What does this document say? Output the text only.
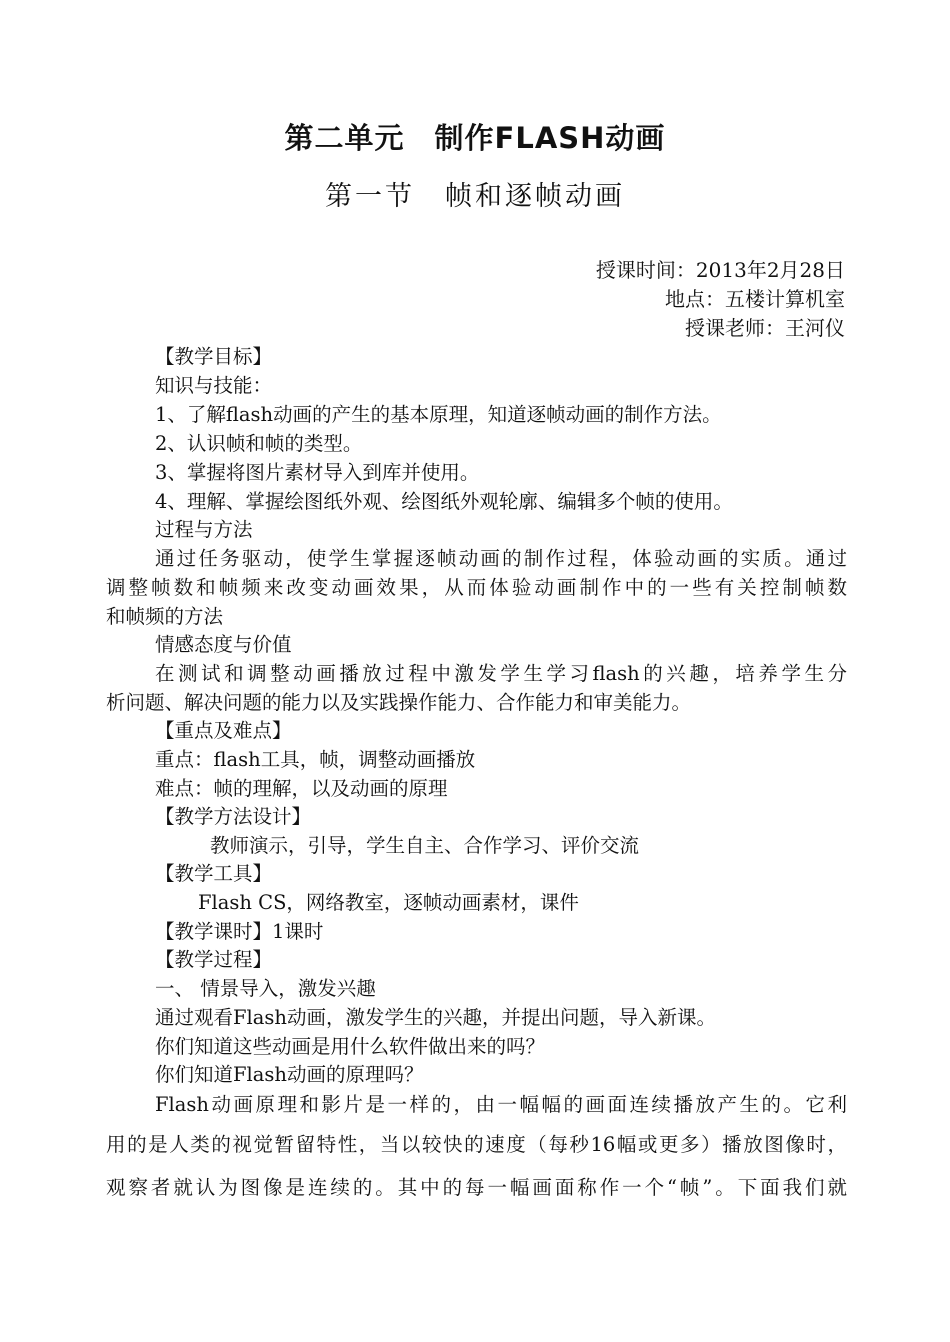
第二单元　制作FLASH动画
第一节　帧和逐帧动画
授课时间：2013年2月28日
地点：五楼计算机室
授课老师：王河仪
【教学目标】
知识与技能：
1、了解flash动画的产生的基本原理，知道逐帧动画的制作方法。
2、认识帧和帧的类型。
3、掌握将图片素材导入到库并使用。
4、理解、掌握绘图纸外观、绘图纸外观轮廓、编辑多个帧的使用。
过程与方法
通过任务驱动，使学生掌握逐帧动画的制作过程，体验动画的实质。通过
调整帧数和帧频来改变动画效果，从而体验动画制作中的一些有关控制帧数
和帧频的方法
情感态度与价值
在测试和调整动画播放过程中激发学生学习flash的兴趣，培养学生分
析问题、解决问题的能力以及实践操作能力、合作能力和审美能力。
【重点及难点】
重点：flash工具，帧，调整动画播放
难点：帧的理解，以及动画的原理
【教学方法设计】
教师演示，引导，学生自主、合作学习、评价交流
【教学工具】
Flash CS，网络教室，逐帧动画素材，课件
【教学课时】1课时
【教学过程】
一、 情景导入，激发兴趣
通过观看Flash动画，激发学生的兴趣，并提出问题，导入新课。
你们知道这些动画是用什么软件做出来的吗？
你们知道Flash动画的原理吗？
Flash动画原理和影片是一样的，由一幅幅的画面连续播放产生的。它利
用的是人类的视觉暂留特性，当以较快的速度（每秒16幅或更多）播放图像时，
观察者就认为图像是连续的。其中的每一幅画面称作一个“帧”。下面我们就
